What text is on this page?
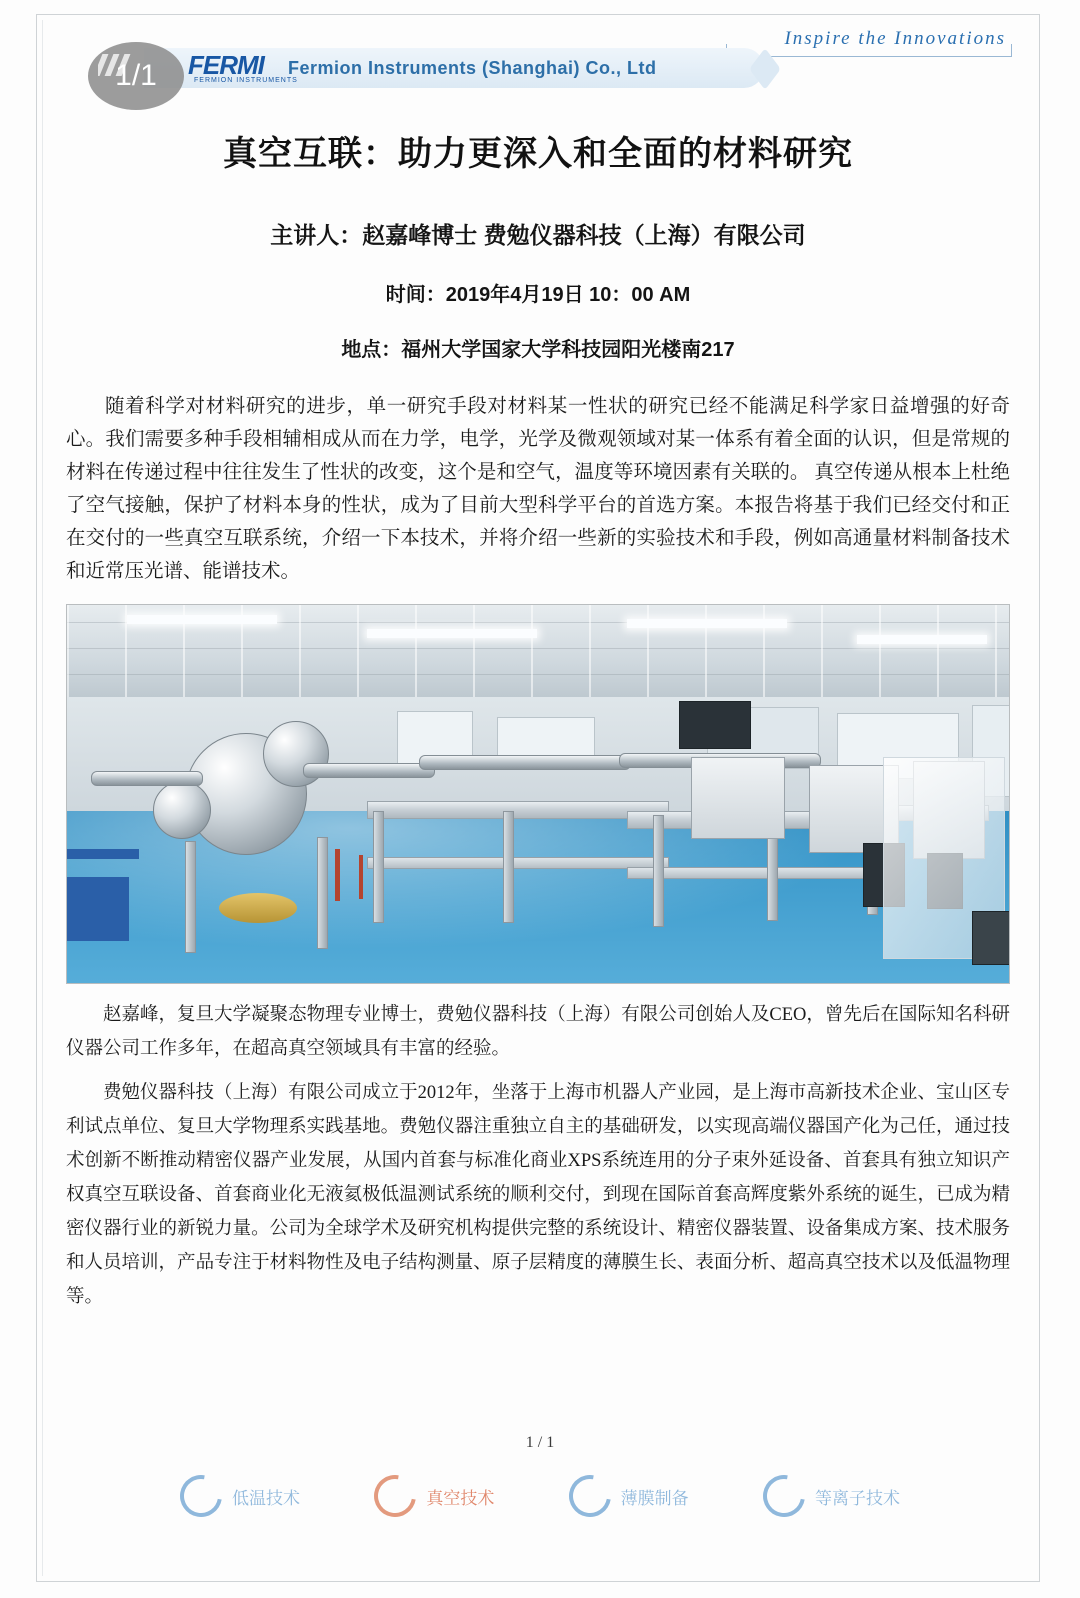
Inspire the Innovations
FERMI
FERMION INSTRUMENTS
Fermion Instruments (Shanghai) Co., Ltd
1/1
真空互联：助力更深入和全面的材料研究
主讲人：赵嘉峰博士 费勉仪器科技（上海）有限公司
时间：2019年4月19日 10：00 AM
地点：福州大学国家大学科技园阳光楼南217

随着科学对材料研究的进步，单一研究手段对材料某一性状的研究已经不能满足科学家日益增强的好奇心。我们需要多种手段相辅相成从而在力学，电学，光学及微观领域对某一体系有着全面的认识，但是常规的材料在传递过程中往往发生了性状的改变，这个是和空气，温度等环境因素有关联的。 真空传递从根本上杜绝了空气接触，保护了材料本身的性状，成为了目前大型科学平台的首选方案。本报告将基于我们已经交付和正在交付的一些真空互联系统，介绍一下本技术，并将介绍一些新的实验技术和手段，例如高通量材料制备技术和近常压光谱、能谱技术。

赵嘉峰，复旦大学凝聚态物理专业博士，费勉仪器科技（上海）有限公司创始人及CEO，曾先后在国际知名科研仪器公司工作多年，在超高真空领域具有丰富的经验。

费勉仪器科技（上海）有限公司成立于2012年，坐落于上海市机器人产业园，是上海市高新技术企业、宝山区专利试点单位、复旦大学物理系实践基地。费勉仪器注重独立自主的基础研发，以实现高端仪器国产化为己任，通过技术创新不断推动精密仪器产业发展，从国内首套与标准化商业XPS系统连用的分子束外延设备、首套具有独立知识产权真空互联设备、首套商业化无液氦极低温测试系统的顺利交付，到现在国际首套高辉度紫外系统的诞生，已成为精密仪器行业的新锐力量。公司为全球学术及研究机构提供完整的系统设计、精密仪器装置、设备集成方案、技术服务和人员培训，产品专注于材料物性及电子结构测量、原子层精度的薄膜生长、表面分析、超高真空技术以及低温物理等。

1 / 1
低温技术	真空技术	薄膜制备	等离子技术
